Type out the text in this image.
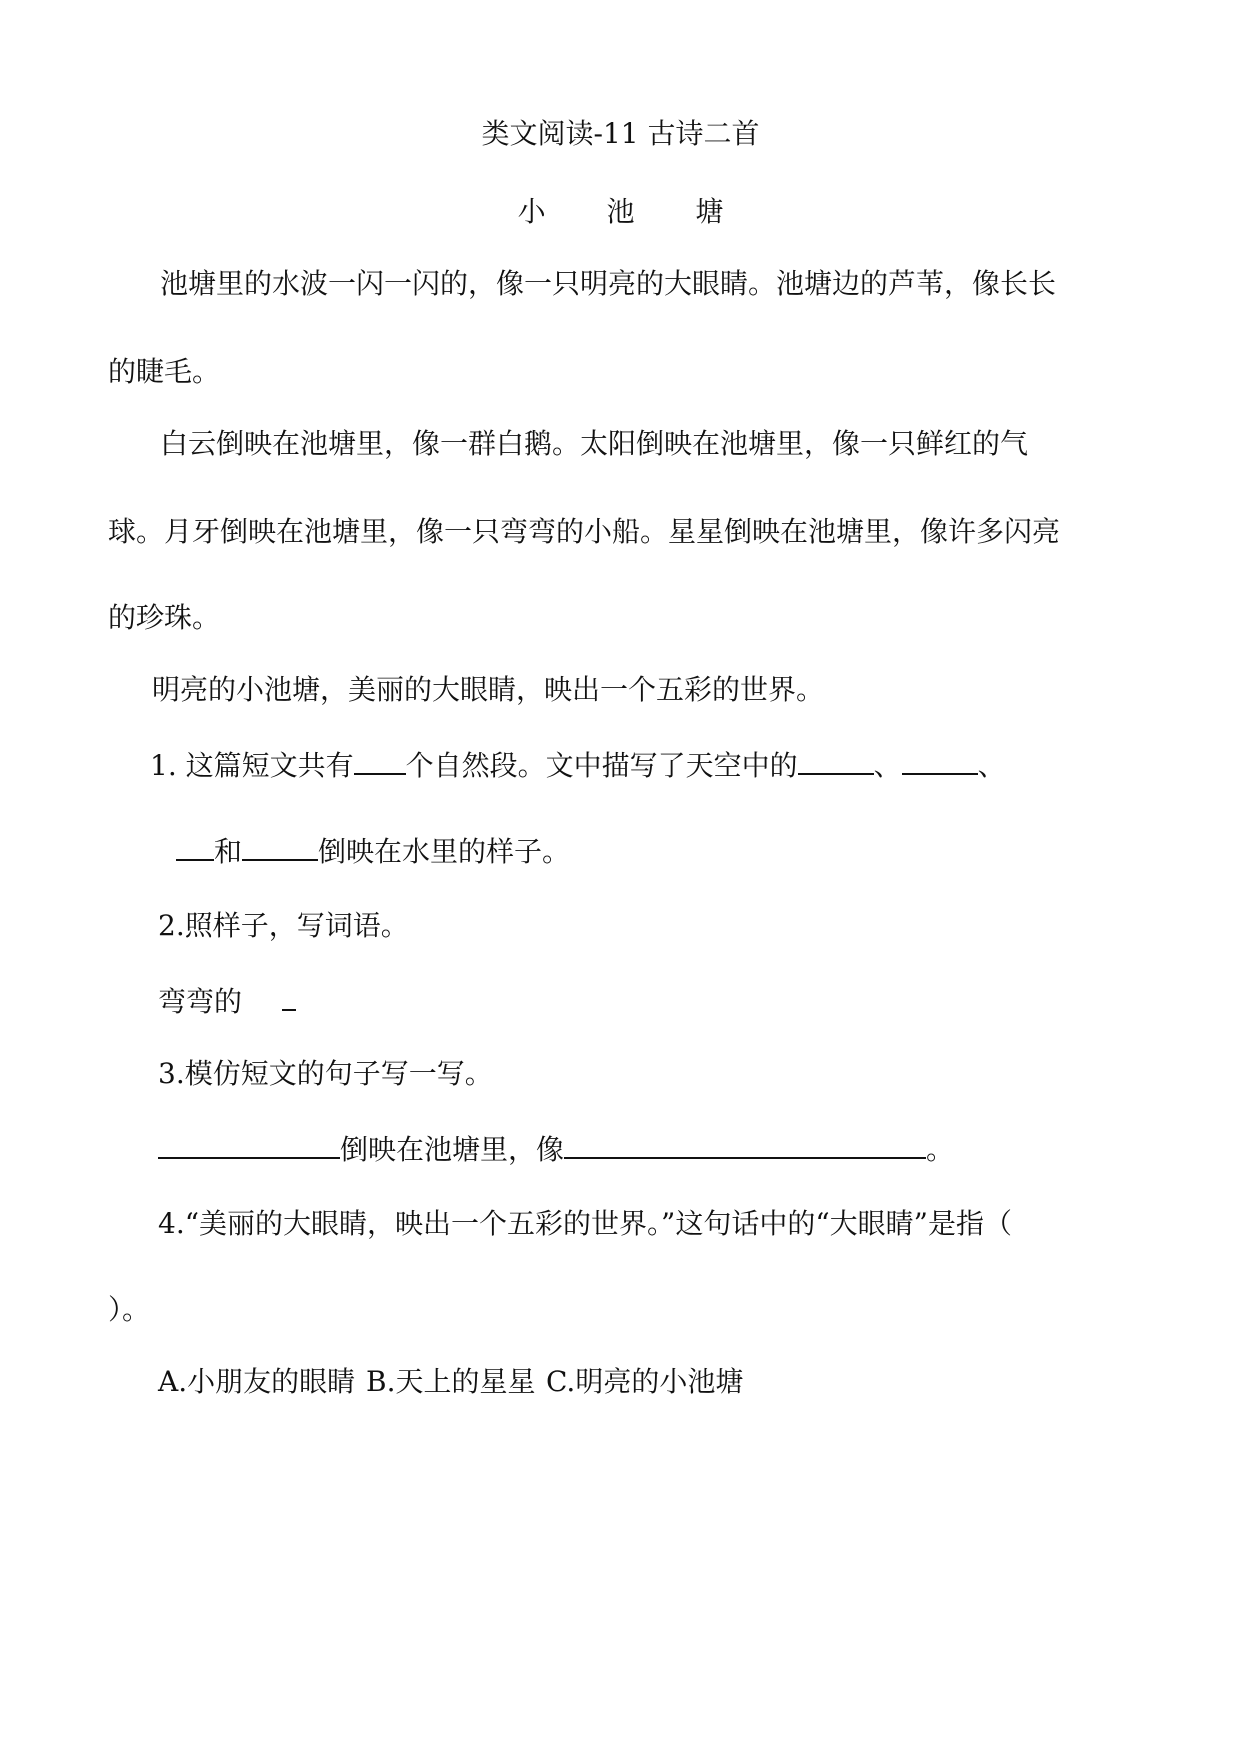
类文阅读-11 古诗二首
小 池 塘
池塘里的水波一闪一闪的，像一只明亮的大眼睛。池塘边的芦苇，像长长
的睫毛。
白云倒映在池塘里，像一群白鹅。太阳倒映在池塘里，像一只鲜红的气
球。月牙倒映在池塘里，像一只弯弯的小船。星星倒映在池塘里，像许多闪亮
的珍珠。
明亮的小池塘，美丽的大眼睛，映出一个五彩的世界。
1. 这篇短文共有 个自然段。文中描写了天空中的	、	、
和	倒映在水里的样子。
2.照样子，写词语。
弯弯的
3.模仿短文的句子写一写。
倒映在池塘里，像	。
4.“美丽的大眼睛，映出一个五彩的世界。”这句话中的“大眼睛”是指（
）。
A.小朋友的眼睛 B.天上的星星 C.明亮的小池塘
